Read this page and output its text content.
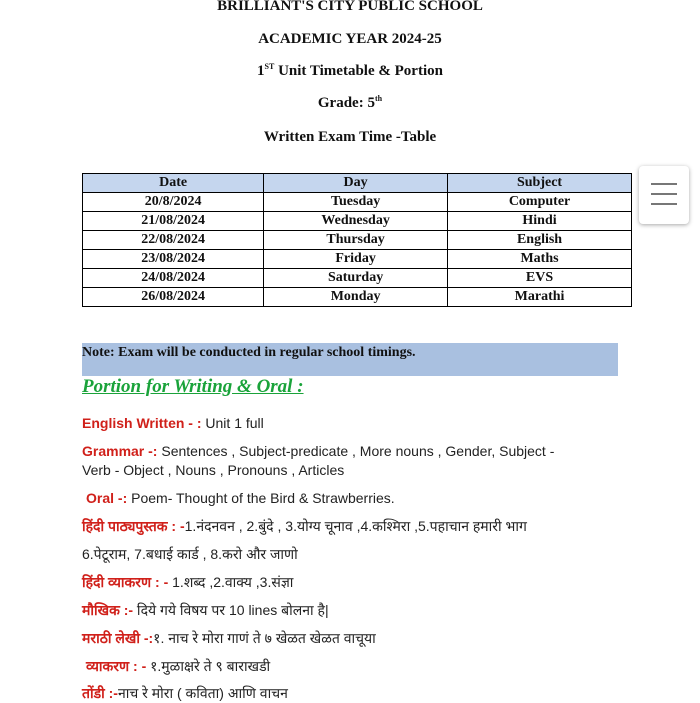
BRILLIANT'S CITY PUBLIC SCHOOL
ACADEMIC YEAR 2024-25
1ST Unit Timetable & Portion
Grade: 5th
Written Exam Time -Table
Date	Day	Subject
20/8/2024	Tuesday	Computer
21/08/2024	Wednesday	Hindi
22/08/2024	Thursday	English
23/08/2024	Friday	Maths
24/08/2024	Saturday	EVS
26/08/2024	Monday	Marathi
Note: Exam will be conducted in regular school timings.
Portion for Writing & Oral :
English Written - : Unit 1 full
Grammar -: Sentences , Subject-predicate , More nouns , Gender, Subject -
Verb - Object , Nouns , Pronouns , Articles
Oral -: Poem- Thought of the Bird & Strawberries.
हिंदी पाठ्यपुस्तक : -1.नंदनवन , 2.बुंदे , 3.योग्य चूनाव ,4.कश्मिरा ,5.पहाचान हमारी भाग
6.पेटूराम, 7.बधाई कार्ड , 8.करो और जाणो
हिंदी व्याकरण : - 1.शब्द ,2.वाक्य ,3.संज्ञा
मौखिक :- दिये गये विषय पर 10 lines बोलना है|
मराठी लेखी -:१. नाच रे मोरा गाणं ते ७ खेळत खेळत वाचूया
व्याकरण : - १.मुळाक्षरे ते ९ बाराखडी
तोंडी :-नाच रे मोरा ( कविता) आणि वाचन
